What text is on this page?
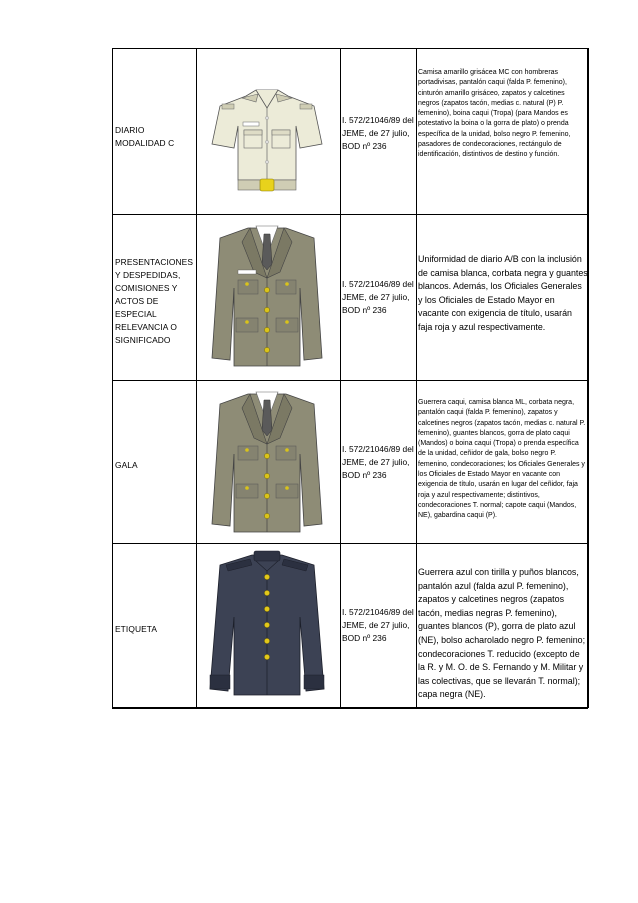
DIARIO MODALIDAD C
I. 572/21046/89 del JEME, de 27 julio, BOD nº 236
Camisa amarillo grisácea MC con hombreras portadivisas, pantalón caqui (falda P. femenino), cinturón amarillo grisáceo, zapatos y calcetines negros (zapatos tacón, medias c. natural (P) P. femenino), boina caqui (Tropa) (para Mandos es potestativo la boina o la gorra de plato) o prenda específica de la unidad, bolso negro P. femenino, pasadores de condecoraciones, rectángulo de identificación, distintivos de destino y función.
PRESENTACIONES Y DESPEDIDAS, COMISIONES Y ACTOS DE ESPECIAL RELEVANCIA O SIGNIFICADO
I. 572/21046/89 del JEME, de 27 julio, BOD nº 236
Uniformidad de diario A/B con la inclusión de camisa blanca, corbata negra y guantes blancos. Además, los Oficiales Generales y los Oficiales de Estado Mayor en vacante con exigencia de título, usarán faja roja y azul respectivamente.
GALA
I. 572/21046/89 del JEME, de 27 julio, BOD nº 236
Guerrera caqui, camisa blanca ML, corbata negra, pantalón caqui (falda P. femenino), zapatos y calcetines negros (zapatos tacón, medias c. natural P. femenino), guantes blancos, gorra de plato caqui (Mandos) o boina caqui (Tropa) o prenda específica de la unidad, ceñidor de gala, bolso negro P. femenino, condecoraciones; los Oficiales Generales y los Oficiales de Estado Mayor en vacante con exigencia de título, usarán en lugar del ceñidor, faja roja y azul respectivamente; distintivos, condecoraciones T. normal; capote caqui (Mandos, NE), gabardina caqui (P).
ETIQUETA
I. 572/21046/89 del JEME, de 27 julio, BOD nº 236
Guerrera azul con tirilla y puños blancos, pantalón azul (falda azul P. femenino), zapatos y calcetines negros (zapatos tacón, medias negras P. femenino), guantes blancos (P), gorra de plato azul (NE), bolso acharolado negro P. femenino; condecoraciones T. reducido (excepto de la R. y M. O. de S. Fernando y M. Militar y las colectivas, que se llevarán T. normal); capa negra (NE).
